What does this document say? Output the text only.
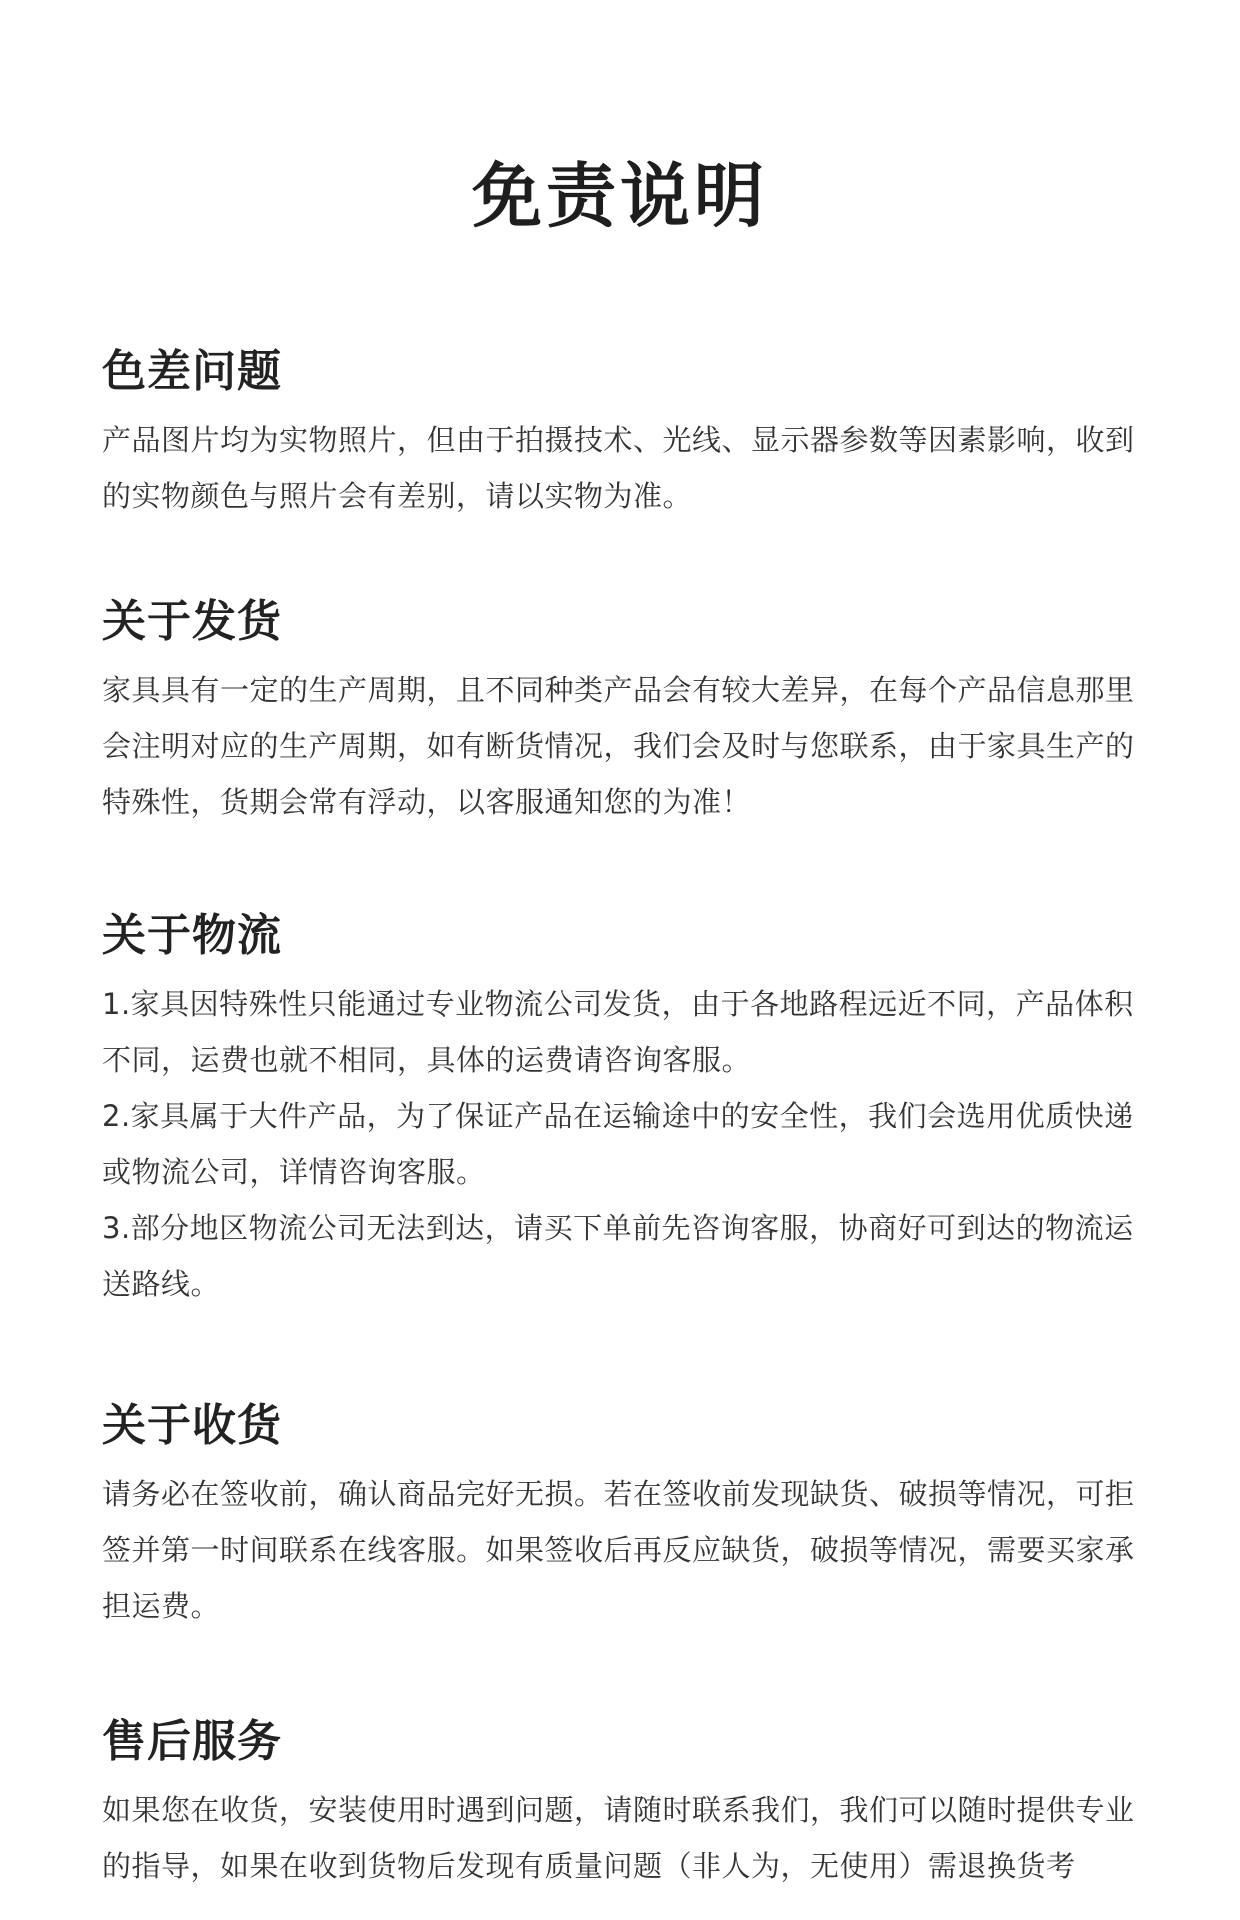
免责说明
色差问题

产品图片均为实物照片，但由于拍摄技术、光线、显示器参数等因素影响，收到的实物颜色与照片会有差别，请以实物为准。

关于发货

家具具有一定的生产周期，且不同种类产品会有较大差异，在每个产品信息那里会注明对应的生产周期，如有断货情况，我们会及时与您联系，由于家具生产的特殊性，货期会常有浮动，以客服通知您的为准！

关于物流

1.家具因特殊性只能通过专业物流公司发货，由于各地路程远近不同，产品体积不同，运费也就不相同，具体的运费请咨询客服。

2.家具属于大件产品，为了保证产品在运输途中的安全性，我们会选用优质快递或物流公司，详情咨询客服。

3.部分地区物流公司无法到达，请买下单前先咨询客服，协商好可到达的物流运送路线。

关于收货

请务必在签收前，确认商品完好无损。若在签收前发现缺货、破损等情况，可拒签并第一时间联系在线客服。如果签收后再反应缺货，破损等情况，需要买家承担运费。

售后服务

如果您在收货，安装使用时遇到问题，请随时联系我们，我们可以随时提供专业的指导，如果在收到货物后发现有质量问题（非人为，无使用）需退换货考
